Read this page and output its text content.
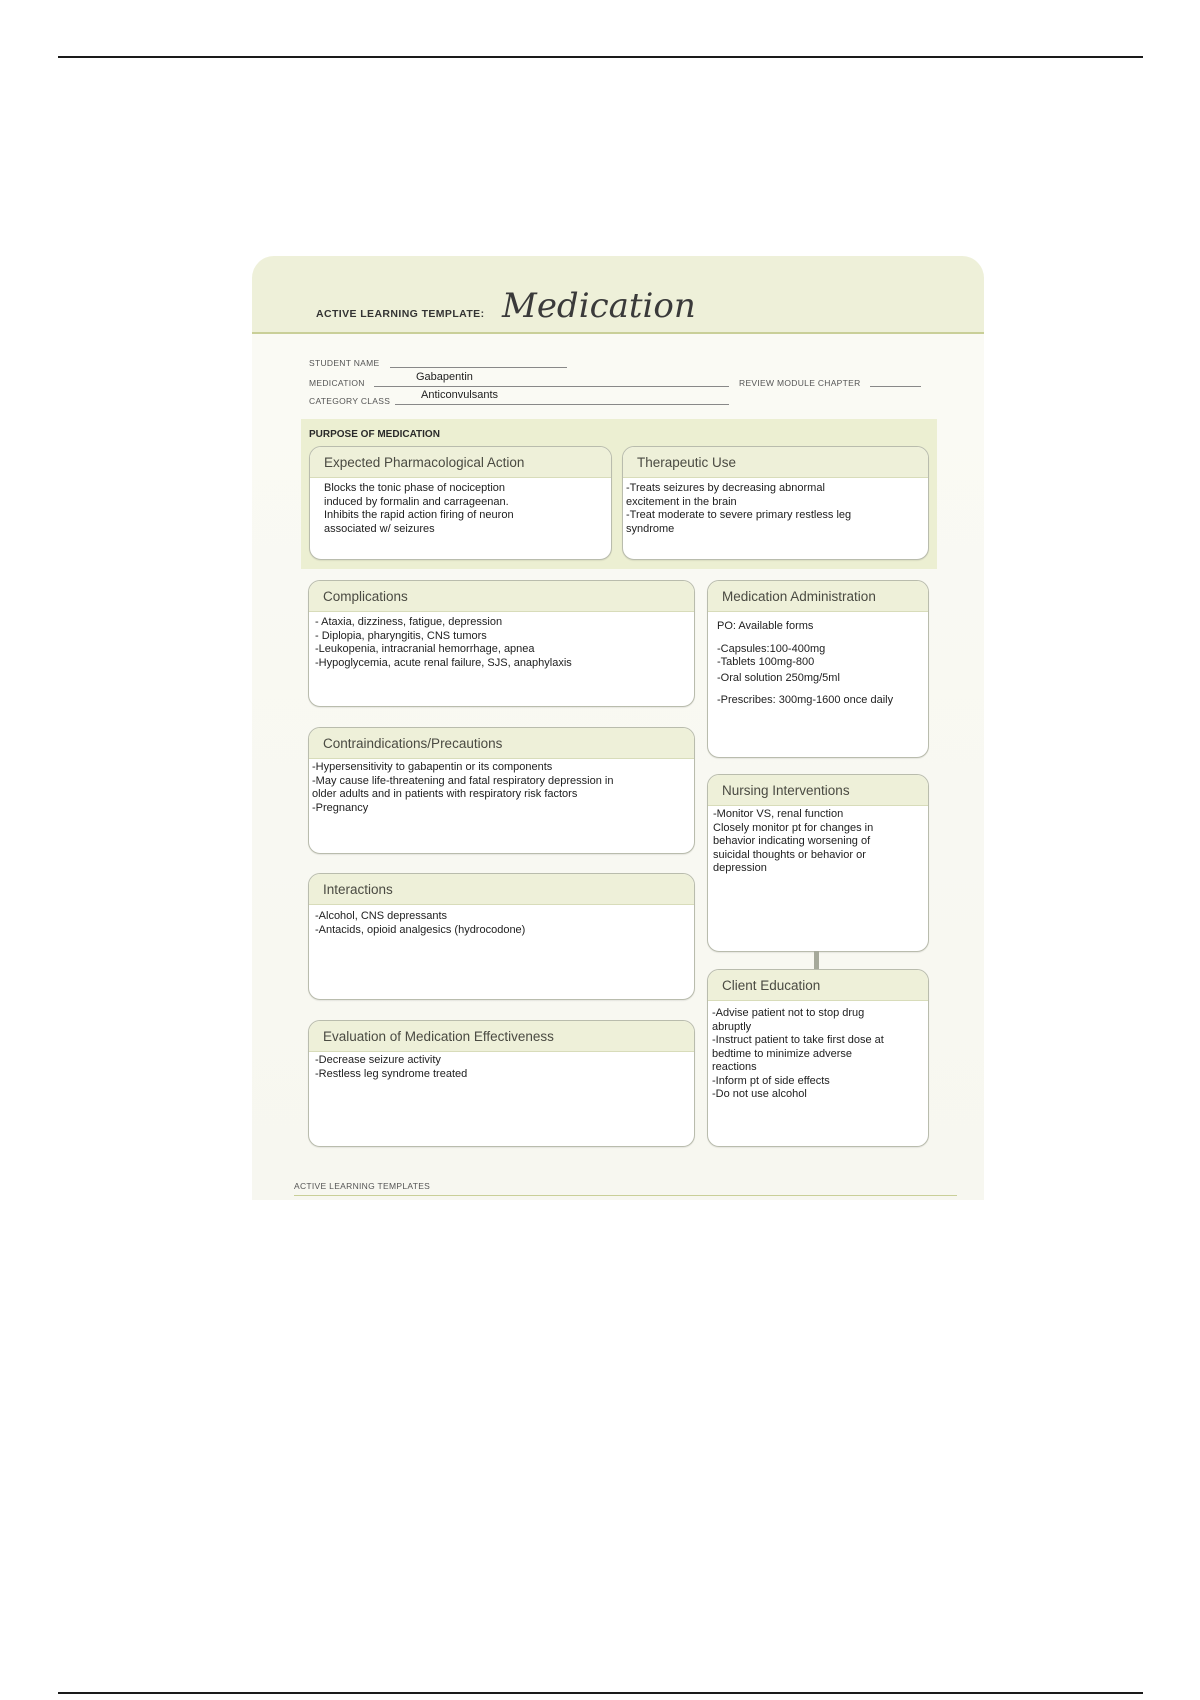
ACTIVE LEARNING TEMPLATE: Medication
STUDENT NAME
MEDICATION	Gabapentin	REVIEW MODULE CHAPTER
CATEGORY CLASS	Anticonvulsants
PURPOSE OF MEDICATION
Expected Pharmacological Action
Blocks the tonic phase of nociception
induced by formalin and carrageenan.
Inhibits the rapid action firing of neuron
associated w/ seizures
Therapeutic Use
-Treats seizures by decreasing abnormal
excitement in the brain
-Treat moderate to severe primary restless leg
syndrome
Complications
- Ataxia, dizziness, fatigue, depression
- Diplopia, pharyngitis, CNS tumors
-Leukopenia, intracranial hemorrhage, apnea
-Hypoglycemia, acute renal failure, SJS, anaphylaxis
Medication Administration
PO: Available forms
-Capsules:100-400mg
-Tablets 100mg-800
-Oral solution 250mg/5ml
-Prescribes: 300mg-1600 once daily
Contraindications/Precautions
-Hypersensitivity to gabapentin or its components
-May cause life-threatening and fatal respiratory depression in
older adults and in patients with respiratory risk factors
-Pregnancy
Nursing Interventions
-Monitor VS, renal function
Closely monitor pt for changes in
behavior indicating worsening of
suicidal thoughts or behavior or
depression
Interactions
-Alcohol, CNS depressants
-Antacids, opioid analgesics (hydrocodone)
Client Education
-Advise patient not to stop drug
abruptly
-Instruct patient to take first dose at
bedtime to minimize adverse
reactions
-Inform pt of side effects
-Do not use alcohol
Evaluation of Medication Effectiveness
-Decrease seizure activity
-Restless leg syndrome treated
ACTIVE LEARNING TEMPLATES
